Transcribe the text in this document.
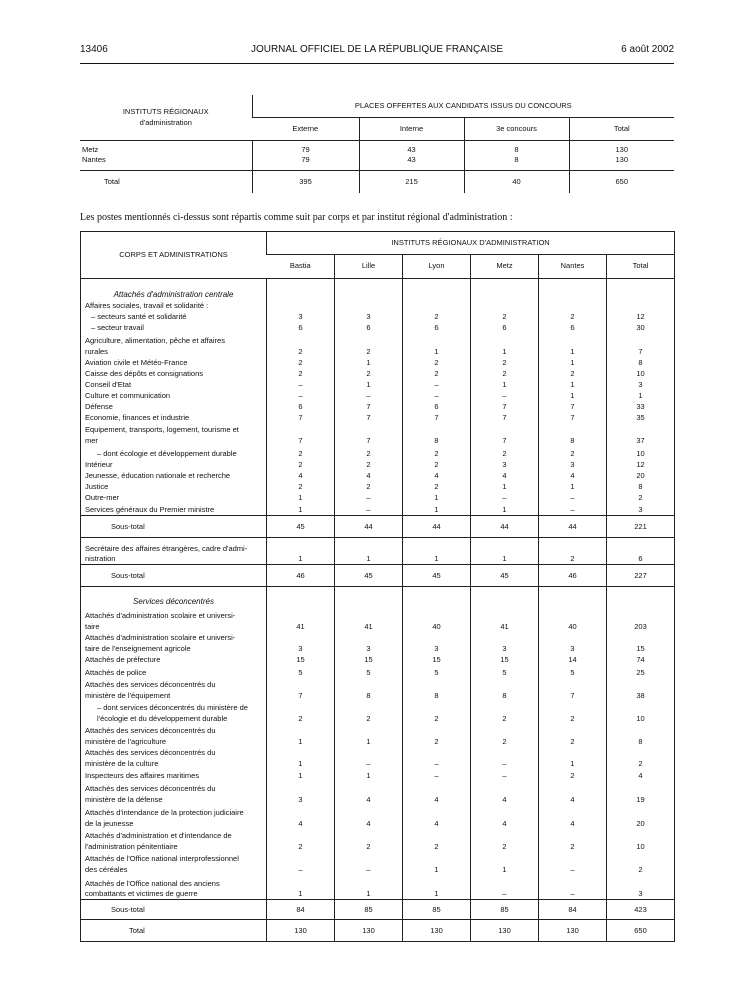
13406	JOURNAL OFFICIEL DE LA RÉPUBLIQUE FRANÇAISE	6 août 2002
INSTITUTS RÉGIONAUX
d'administration	PLACES OFFERTES AUX CANDIDATS ISSUS DU CONCOURS			
	Externe	Interne	3e concours	Total

Metz	79	43	8	130

Nantes	79	43	8	130

Total	395	215	40	650
Les postes mentionnés ci-dessus sont répartis comme suit par corps et par institut régional d'administration :
CORPS ET ADMINISTRATIONS	INSTITUTS RÉGIONAUX D'ADMINISTRATION					
	Bastia	Lille	Lyon	Metz	Nantes	Total
Attachés d'administration centrale						
Affaires sociales, travail et solidarité :						
– secteurs santé et solidarité	3	3	2	2	2	12
– secteur travail	6	6	6	6	6	30
Agriculture, alimentation, pêche et affaires
rurales	2	2	1	1	1	7
Aviation civile et Météo-France	2	1	2	2	1	8
Caisse des dépôts et consignations	2	2	2	2	2	10
Conseil d'Etat	–	1	–	1	1	3
Culture et communication	–	–	–	–	1	1
Défense	6	7	6	7	7	33
Economie, finances et industrie	7	7	7	7	7	35
Equipement, transports, logement, tourisme et
mer	7	7	8	7	8	37
– dont écologie et développement durable	2	2	2	2	2	10
Intérieur	2	2	2	3	3	12
Jeunesse, éducation nationale et recherche	4	4	4	4	4	20
Justice	2	2	2	1	1	8
Outre-mer	1	–	1	–	–	2
Services généraux du Premier ministre	1	–	1	1	–	3
Sous-total	45	44	44	44	44	221
Secrétaire des affaires étrangères, cadre d'admi-
nistration	1	1	1	1	2	6
Sous-total	46	45	45	45	46	227
Services déconcentrés						
Attachés d'administration scolaire et universi-
taire	41	41	40	41	40	203
Attachés d'administration scolaire et universi-
taire de l'enseignement agricole	3	3	3	3	3	15
Attachés de préfecture	15	15	15	15	14	74
Attachés de police	5	5	5	5	5	25
Attachés des services déconcentrés du
ministère de l'équipement	7	8	8	8	7	38
– dont services déconcentrés du ministère de
l'écologie et du développement durable	2	2	2	2	2	10
Attachés des services déconcentrés du
ministère de l'agriculture	1	1	2	2	2	8
Attachés des services déconcentrés du
ministère de la culture	1	–	–	–	1	2
Inspecteurs des affaires maritimes	1	1	–	–	2	4
Attachés des services déconcentrés du
ministère de la défense	3	4	4	4	4	19
Attachés d'intendance de la protection judiciaire
de la jeunesse	4	4	4	4	4	20
Attachés d'administration et d'intendance de
l'administration pénitentiaire	2	2	2	2	2	10
Attachés de l'Office national interprofessionnel
des céréales	–	–	1	1	–	2
Attachés de l'Office national des anciens
combattants et victimes de guerre	1	1	1	–	–	3
Sous-total	84	85	85	85	84	423
Total	130	130	130	130	130	650
